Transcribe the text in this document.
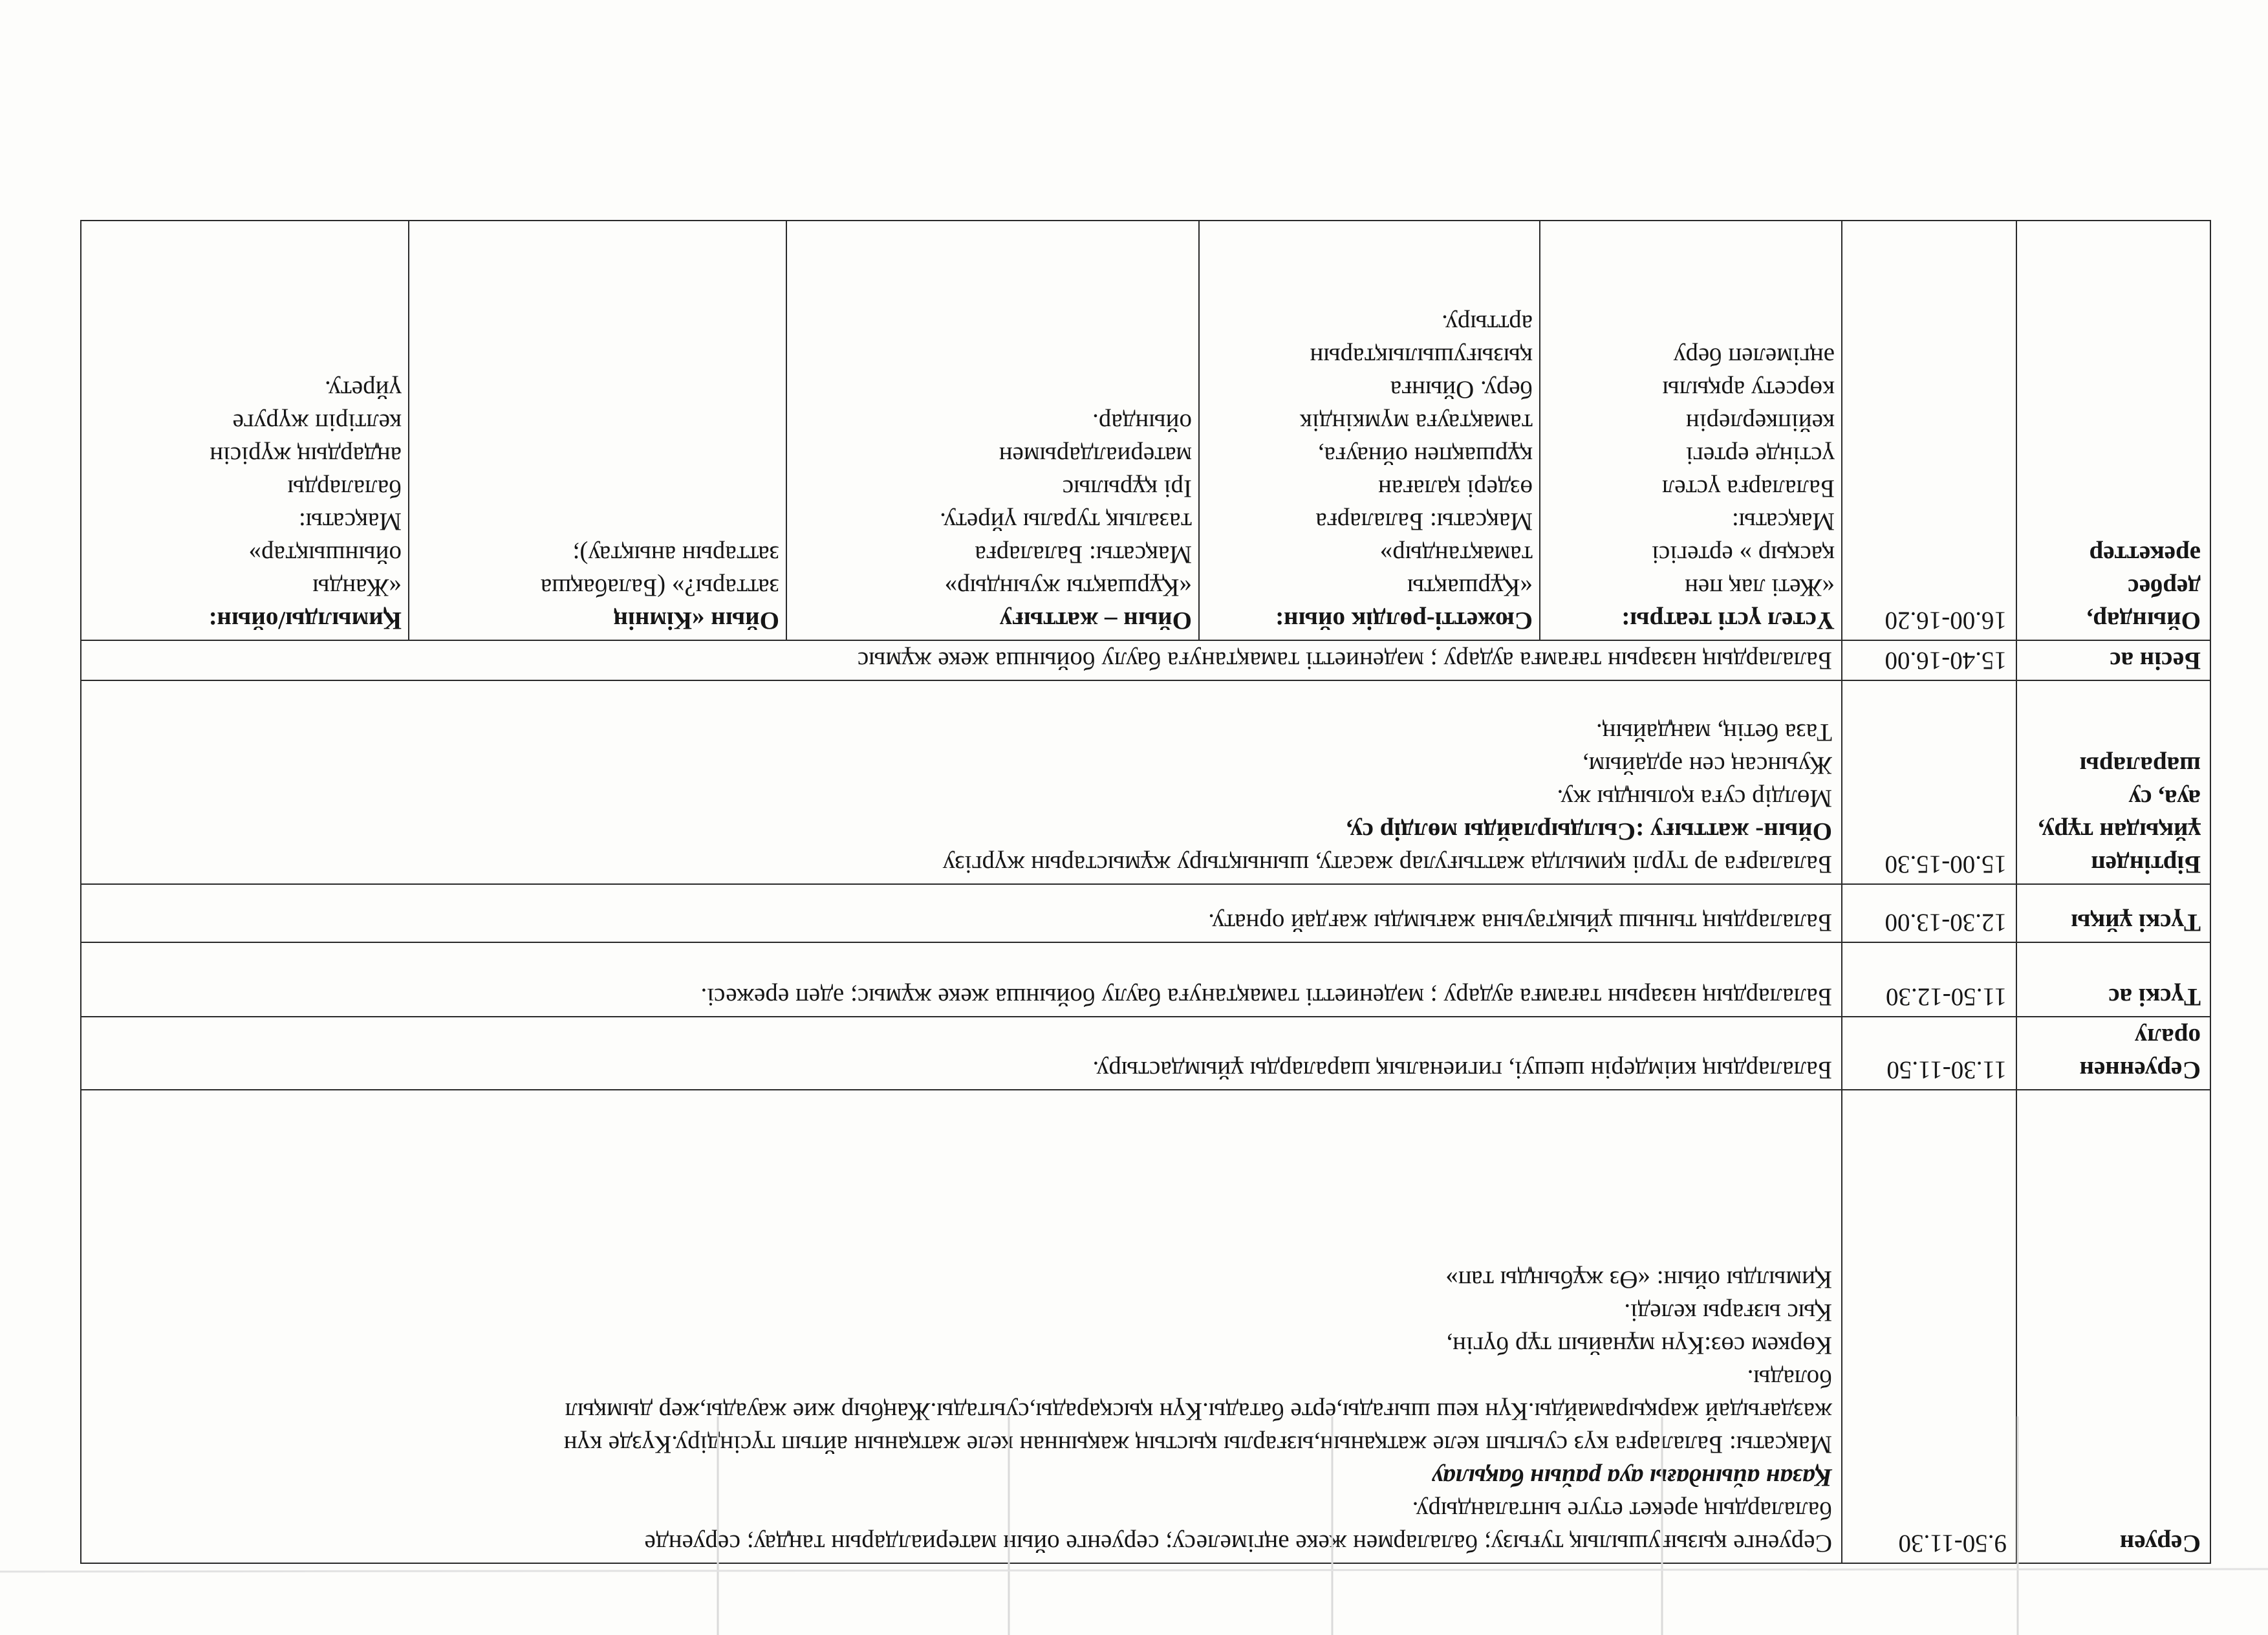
Серуен	9.50-11.30	
Серуенге қызығушылық туғызу; балалармен жеке әңгімелесу; серуенге ойын материалдарын таңдау; серуенде
балалардың әрекет етуге ынталандыру.
Қазан айындағы ауа райын бақылау
Мақсаты: Балаларға күз суытып келе жатқанын,ызғарлы қыстың жақыннан келе жатқанын айтып түсіндіру.Күзде күн
жаздағыдай жарқырамайды.Күн кеш шығады,ерте батады.Күн қысқарады,суытады.Жаңбыр жие жауады,жер дымқыл
болады.
Көркем сөз:Күн мұнайып тұр бүгін,
Қыс ызғары келеді.
Қимылды ойын: «Өз жұбыңды тап»

Серуеннен оралу	11.30-11.50	
Балалардың киімдерін шешуі, гигиеналық шараларды ұйымдастыру.

Түскі ас	11.50-12.30	
Балалардың назарын тағамға аудару ; мәдениетті тамақтануға баулу бойынша жеке жұмыс; әдеп ережесі.

Түскі ұйқы	12.30-13.00	
Балалардың тыныш ұйықтауына жағымды жағдай орнату.

Біртіндеп ұйқыдан тұру, ауа, су шаралары	15.00-15.30	
Балаларға әр түрлі қимылда жаттығулар жасату, шынықтыру жұмыстарын жүргізу
Ойын- жаттығу :Сылдырлайды мөлдір су,
Мөлдір суға қолыңды жу.
Жуынсаң сен әрдайым,
Таза бетің, маңдайың.

Бесін ас	15.40-16.00	
Балалардың назарын тағамға аудару ; мәдениетті тамақтануға баулу бойынша жеке жұмыс

Ойындар, дербес әрекеттер	16.00-16.20	
Үстел үсті театры:
«Жеті лақ пен
қасқыр » ертегісі
Мақсаты:
Балаларға үстел
үстінде ертегі
кейіпкерлерін
көрсету арқылы
әңгімелеп беру

Сюжетті-рөлдік ойын:
«Құршақты
тамақтандыр»
Мақсаты: Балаларға
өздері қалаған
құршақпен ойнауға,
тамақтауға мүмкіндік
беру. Ойынға
қызығушылықтарын
арттыру.

Ойын – жаттығу
«Құршақты жуындыр»
Мақсаты: Балаларға
тазалық туралы үйрету.
Ірі құрылыс
материалдарымен
ойындар.

Ойын «Кімнің
заттары?» (Балабақша
заттарын анықтау);

Қимылды/ойын:
«Жанды
ойыншықтар»
Мақсаты:
балаларды
аңдардың жүрісін
келтіріп жүруге
үйрету.
